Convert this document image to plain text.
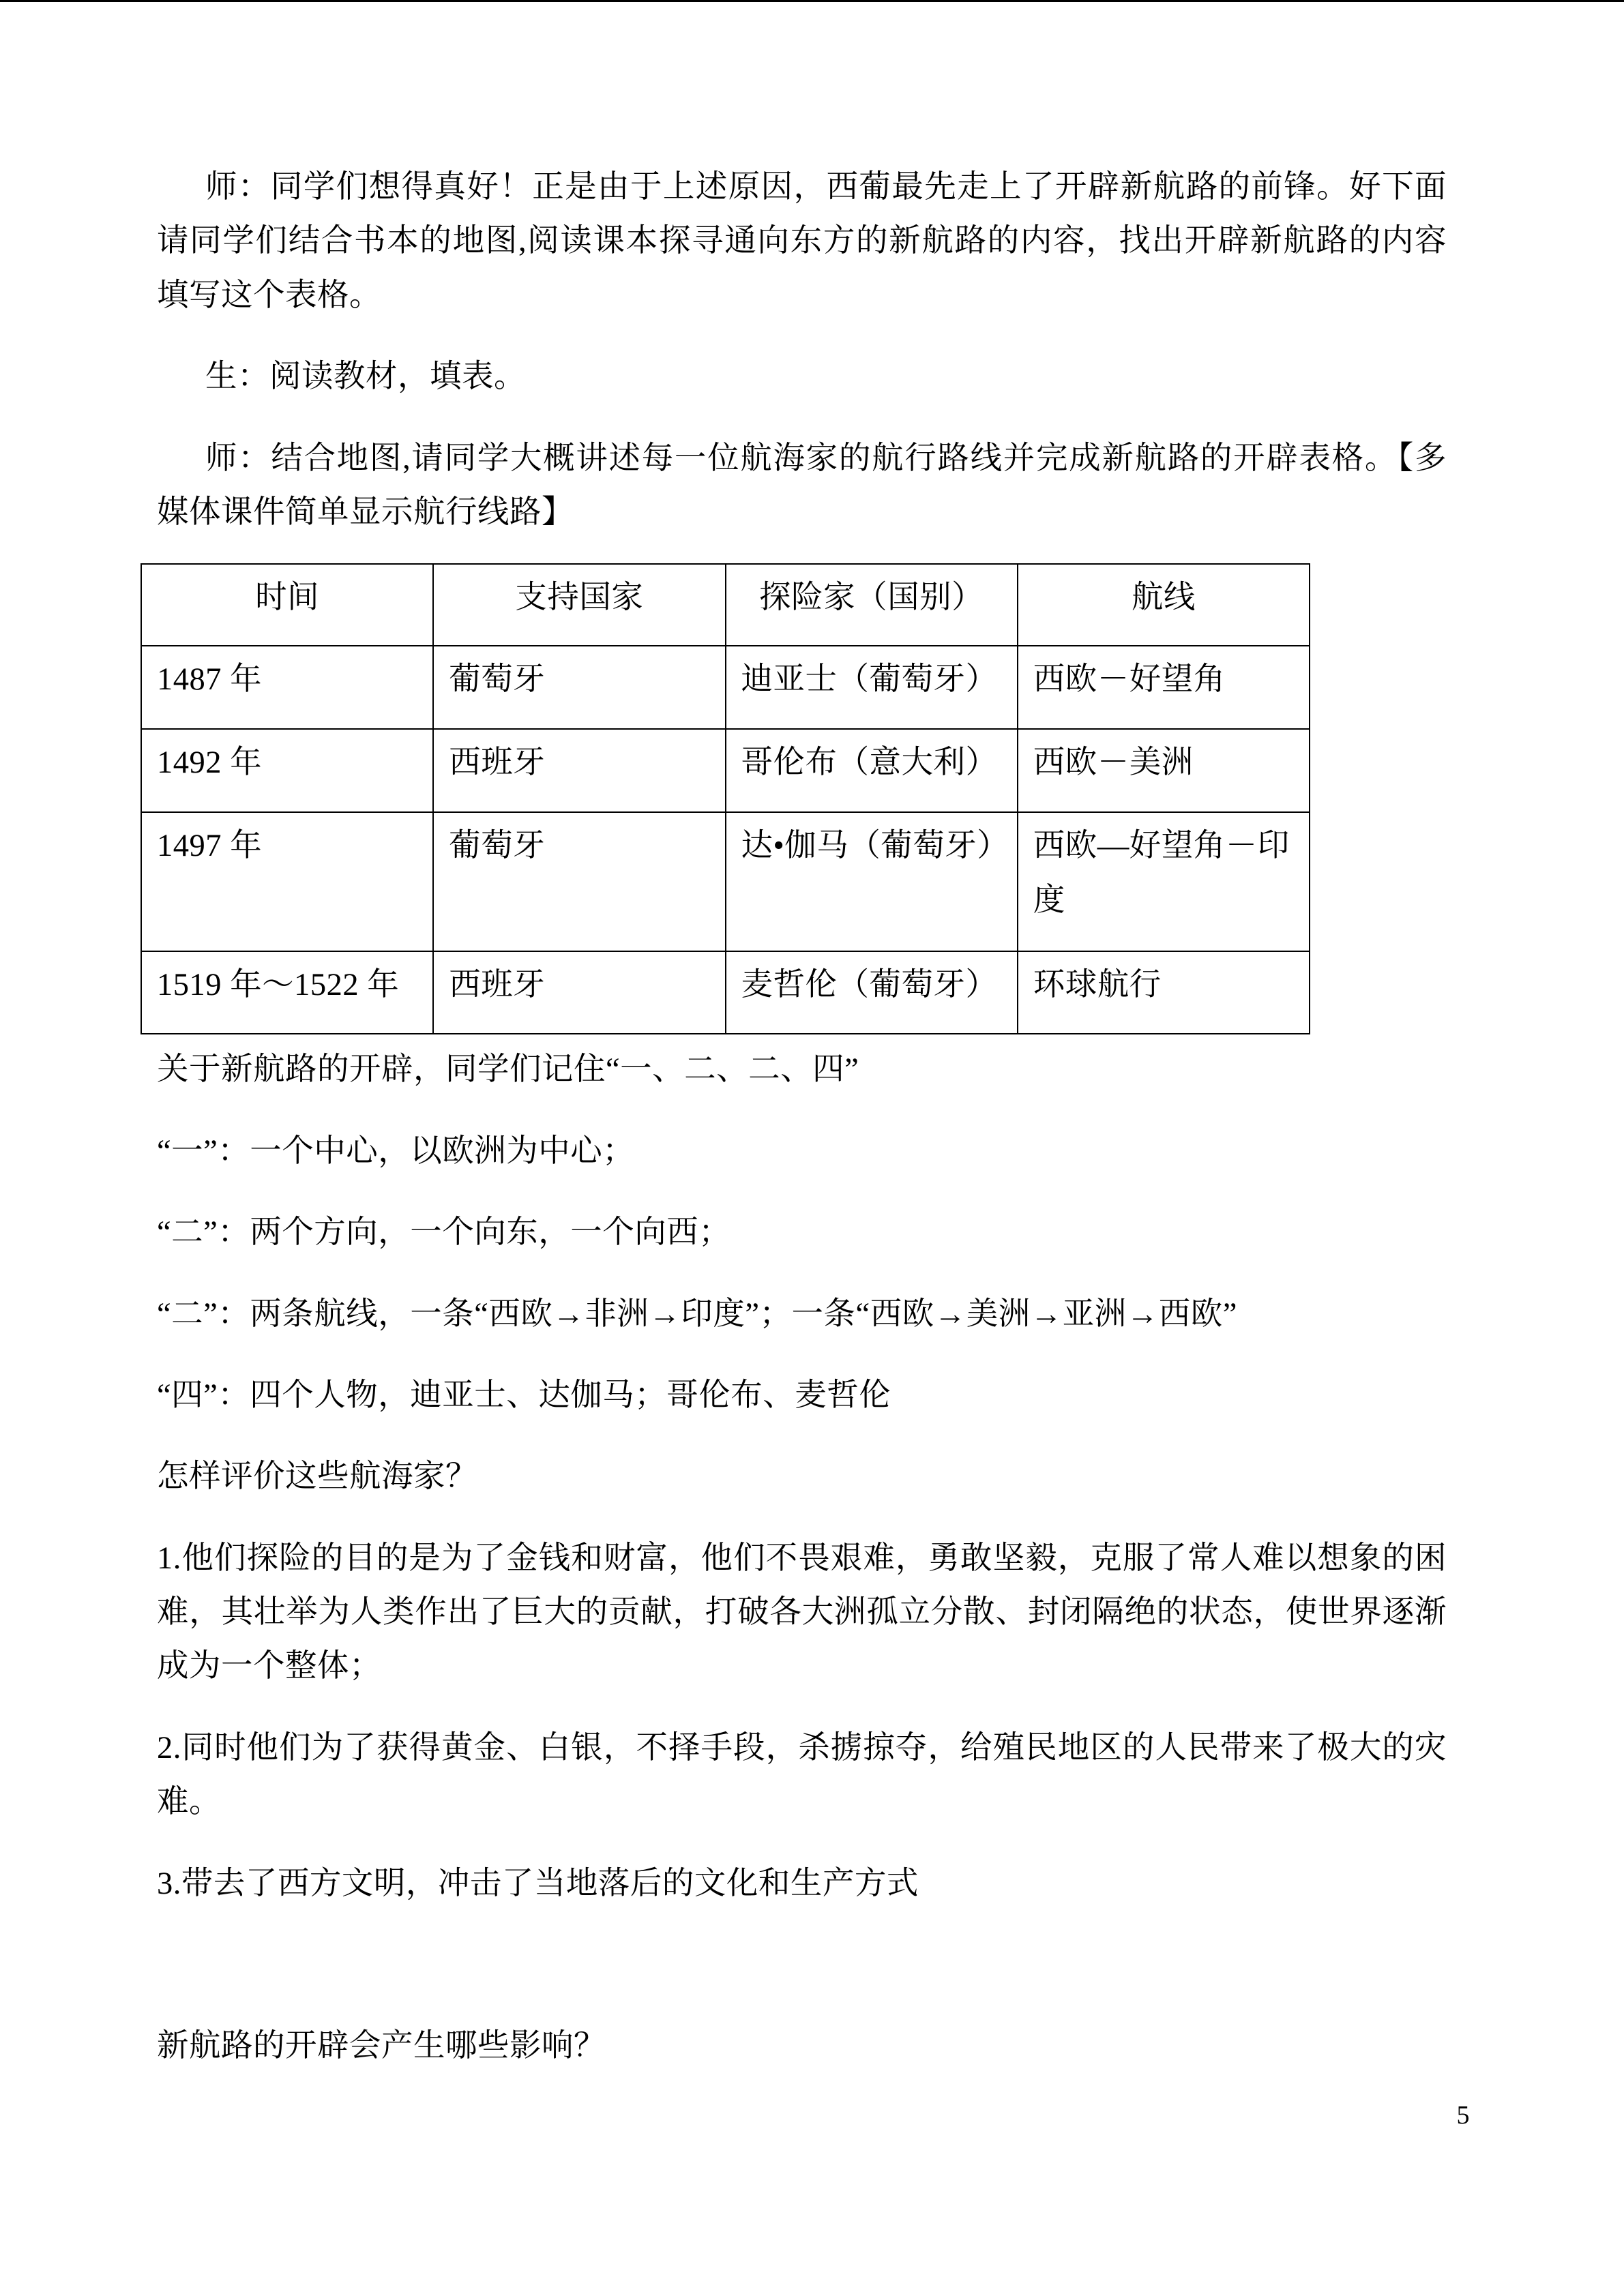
师：同学们想得真好！正是由于上述原因，西葡最先走上了开辟新航路的前锋。好下面
请同学们结合书本的地图,阅读课本探寻通向东方的新航路的内容，找出开辟新航路的内容
填写这个表格。
生：阅读教材，填表。
师：结合地图,请同学大概讲述每一位航海家的航行路线并完成新航路的开辟表格。【多
媒体课件简单显示航行线路】
时间	支持国家	探险家（国别）	航线
1487 年	葡萄牙	迪亚士（葡萄牙）	西欧－好望角
1492 年	西班牙	哥伦布（意大利）	西欧－美洲
1497 年	葡萄牙	达•伽马（葡萄牙）	西欧—好望角－印度
1519 年～1522 年	西班牙	麦哲伦（葡萄牙）	环球航行
关于新航路的开辟，同学们记住“一、二、二、四”
“一”：一个中心，以欧洲为中心；
“二”：两个方向，一个向东，一个向西；
“二”：两条航线，一条“西欧→非洲→印度”；一条“西欧→美洲→亚洲→西欧”
“四”：四个人物，迪亚士、达伽马；哥伦布、麦哲伦
怎样评价这些航海家？
1.他们探险的目的是为了金钱和财富，他们不畏艰难，勇敢坚毅，克服了常人难以想象的困
难，其壮举为人类作出了巨大的贡献，打破各大洲孤立分散、封闭隔绝的状态，使世界逐渐
成为一个整体；
2.同时他们为了获得黄金、白银，不择手段，杀掳掠夺，给殖民地区的人民带来了极大的灾
难。
3.带去了西方文明，冲击了当地落后的文化和生产方式
新航路的开辟会产生哪些影响？
5
